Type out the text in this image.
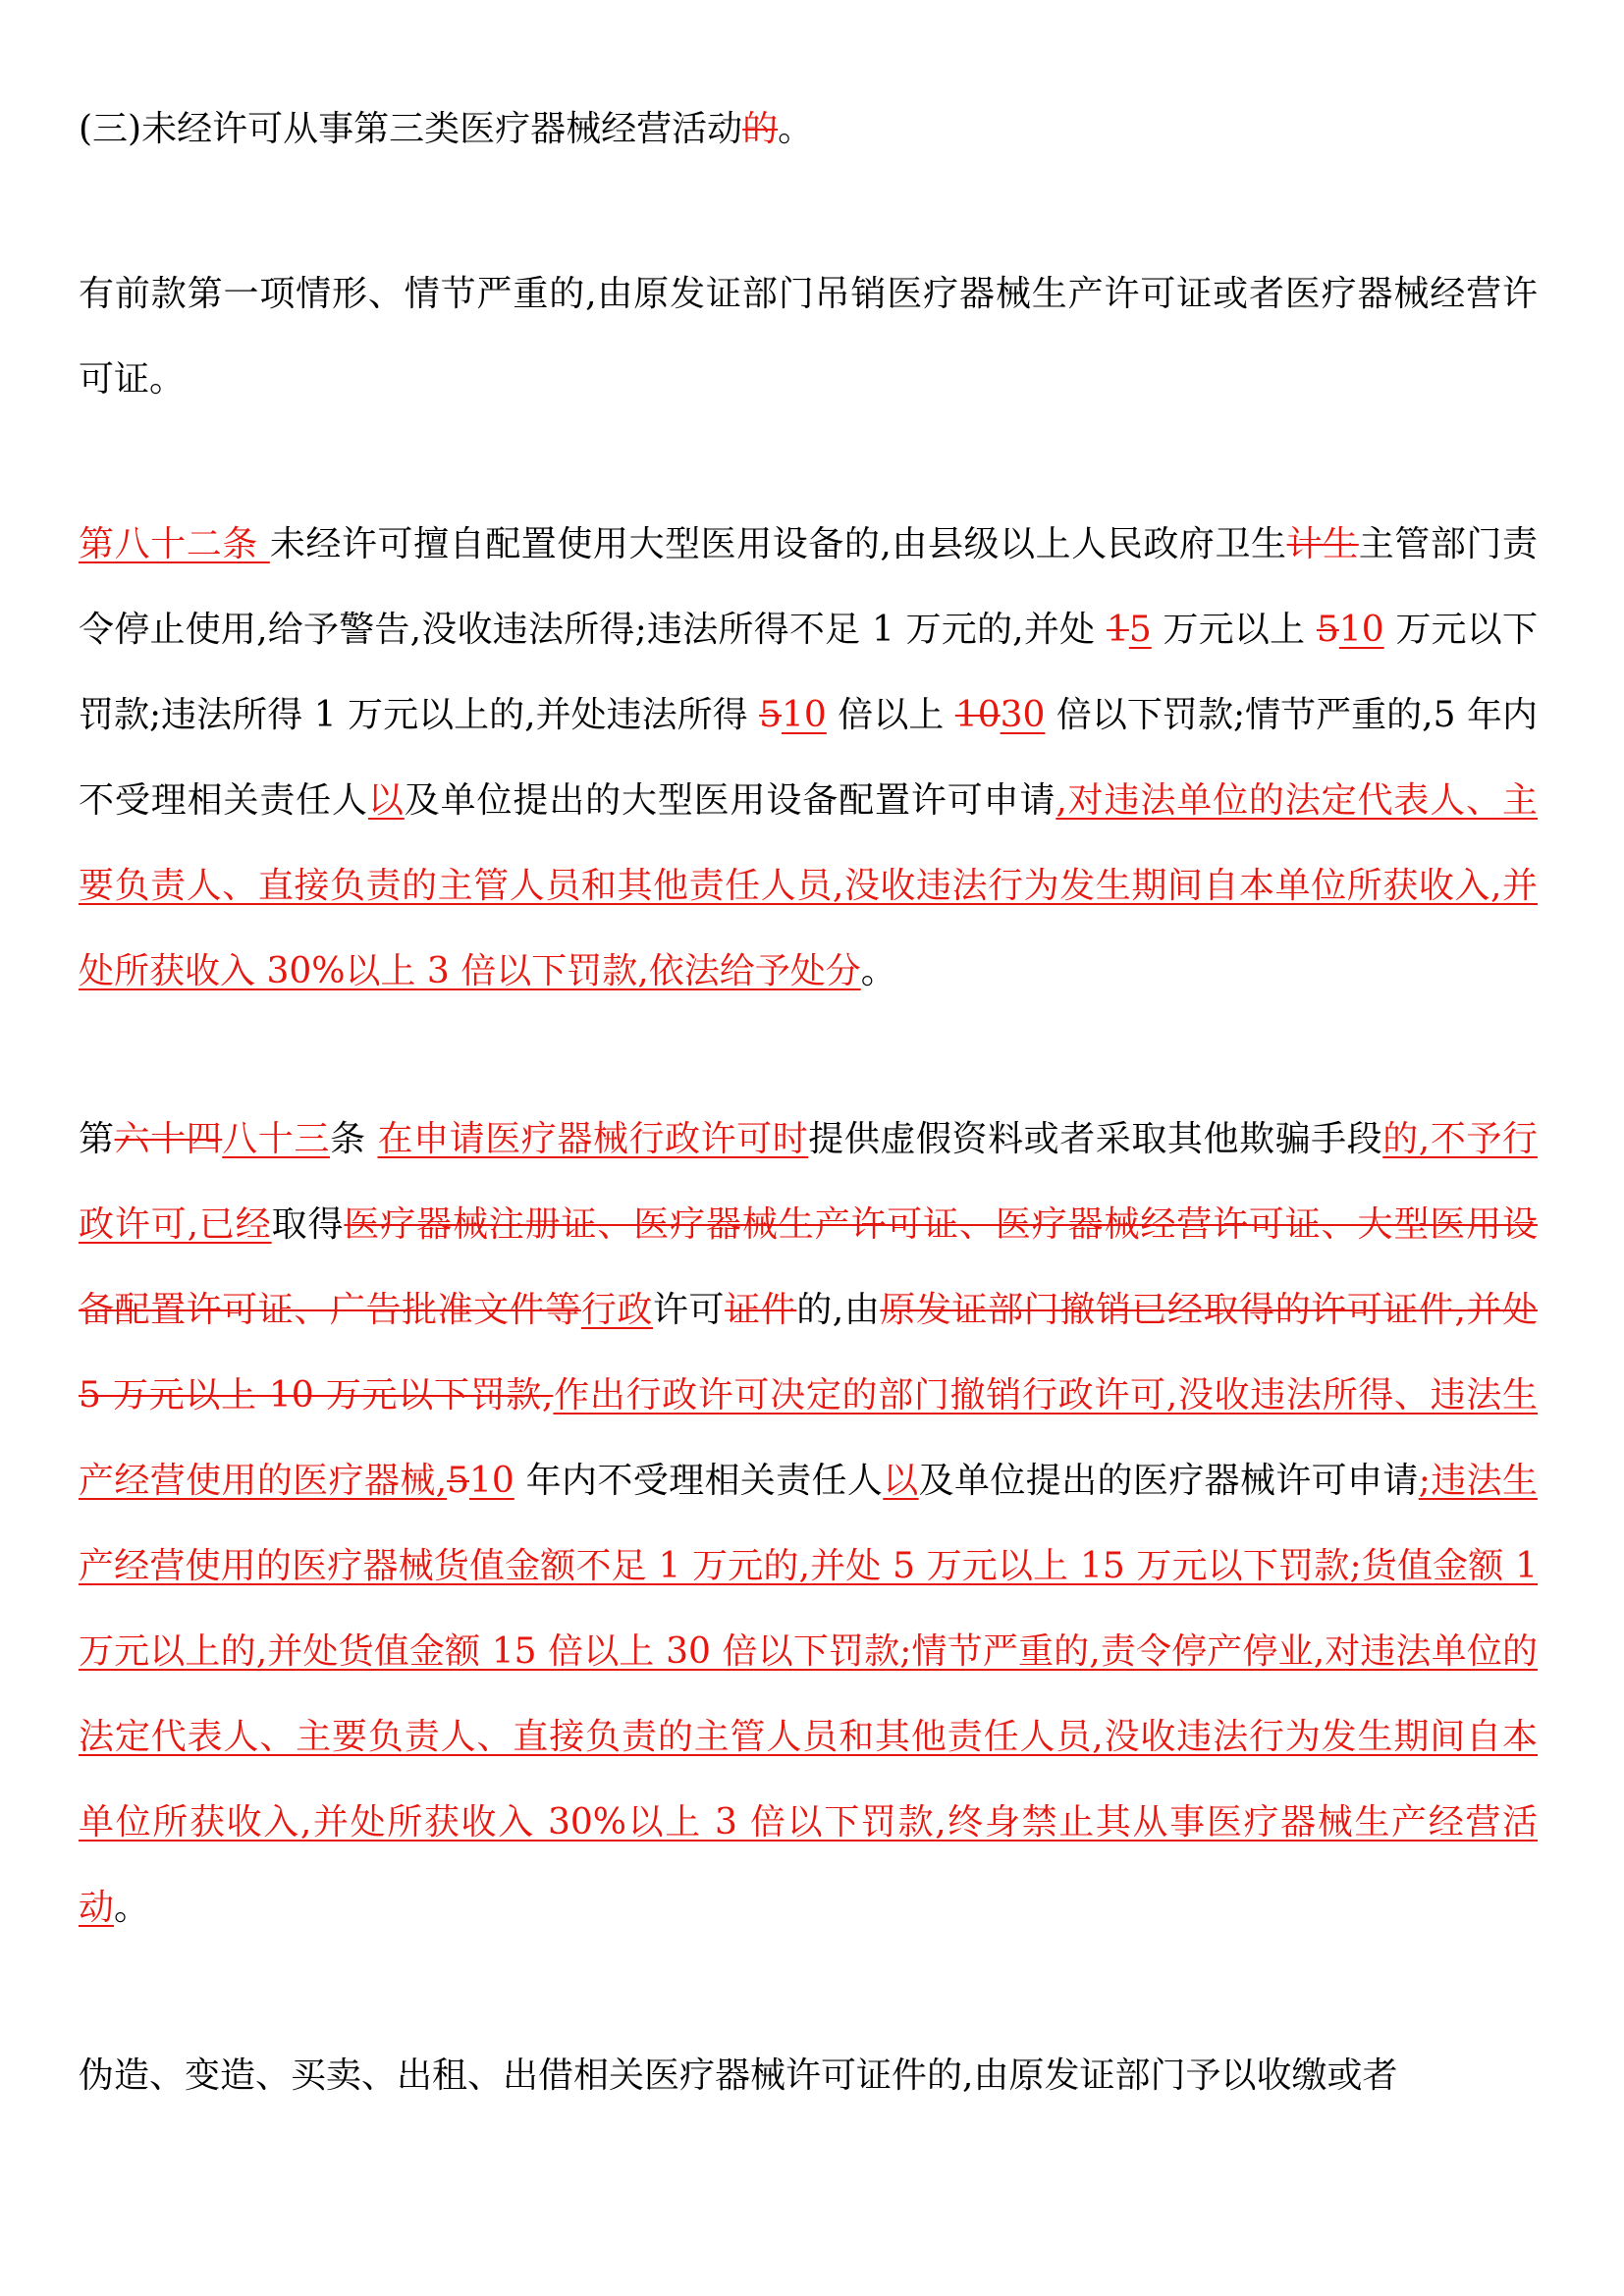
(三)未经许可从事第三类医疗器械经营活动的。

有前款第一项情形、情节严重的,由原发证部门吊销医疗器械生产许可证或者医疗器械经营许可证。

第八十二条 未经许可擅自配置使用大型医用设备的,由县级以上人民政府卫生计生主管部门责令停止使用,给予警告,没收违法所得;违法所得不足 1 万元的,并处 15 万元以上 510 万元以下罚款;违法所得 1 万元以上的,并处违法所得 510 倍以上 1030 倍以下罚款;情节严重的,5 年内不受理相关责任人以及单位提出的大型医用设备配置许可申请,对违法单位的法定代表人、主要负责人、直接负责的主管人员和其他责任人员,没收违法行为发生期间自本单位所获收入,并处所获收入 30%以上 3 倍以下罚款,依法给予处分。

第六十四八十三条 在申请医疗器械行政许可时提供虚假资料或者采取其他欺骗手段的,不予行政许可,已经取得医疗器械注册证、医疗器械生产许可证、医疗器械经营许可证、大型医用设备配置许可证、广告批准文件等行政许可证件的,由原发证部门撤销已经取得的许可证件,并处 5 万元以上 10 万元以下罚款,作出行政许可决定的部门撤销行政许可,没收违法所得、违法生产经营使用的医疗器械,510 年内不受理相关责任人以及单位提出的医疗器械许可申请;违法生产经营使用的医疗器械货值金额不足 1 万元的,并处 5 万元以上 15 万元以下罚款;货值金额 1 万元以上的,并处货值金额 15 倍以上 30 倍以下罚款;情节严重的,责令停产停业,对违法单位的法定代表人、主要负责人、直接负责的主管人员和其他责任人员,没收违法行为发生期间自本单位所获收入,并处所获收入 30%以上 3 倍以下罚款,终身禁止其从事医疗器械生产经营活动。

伪造、变造、买卖、出租、出借相关医疗器械许可证件的,由原发证部门予以收缴或者
